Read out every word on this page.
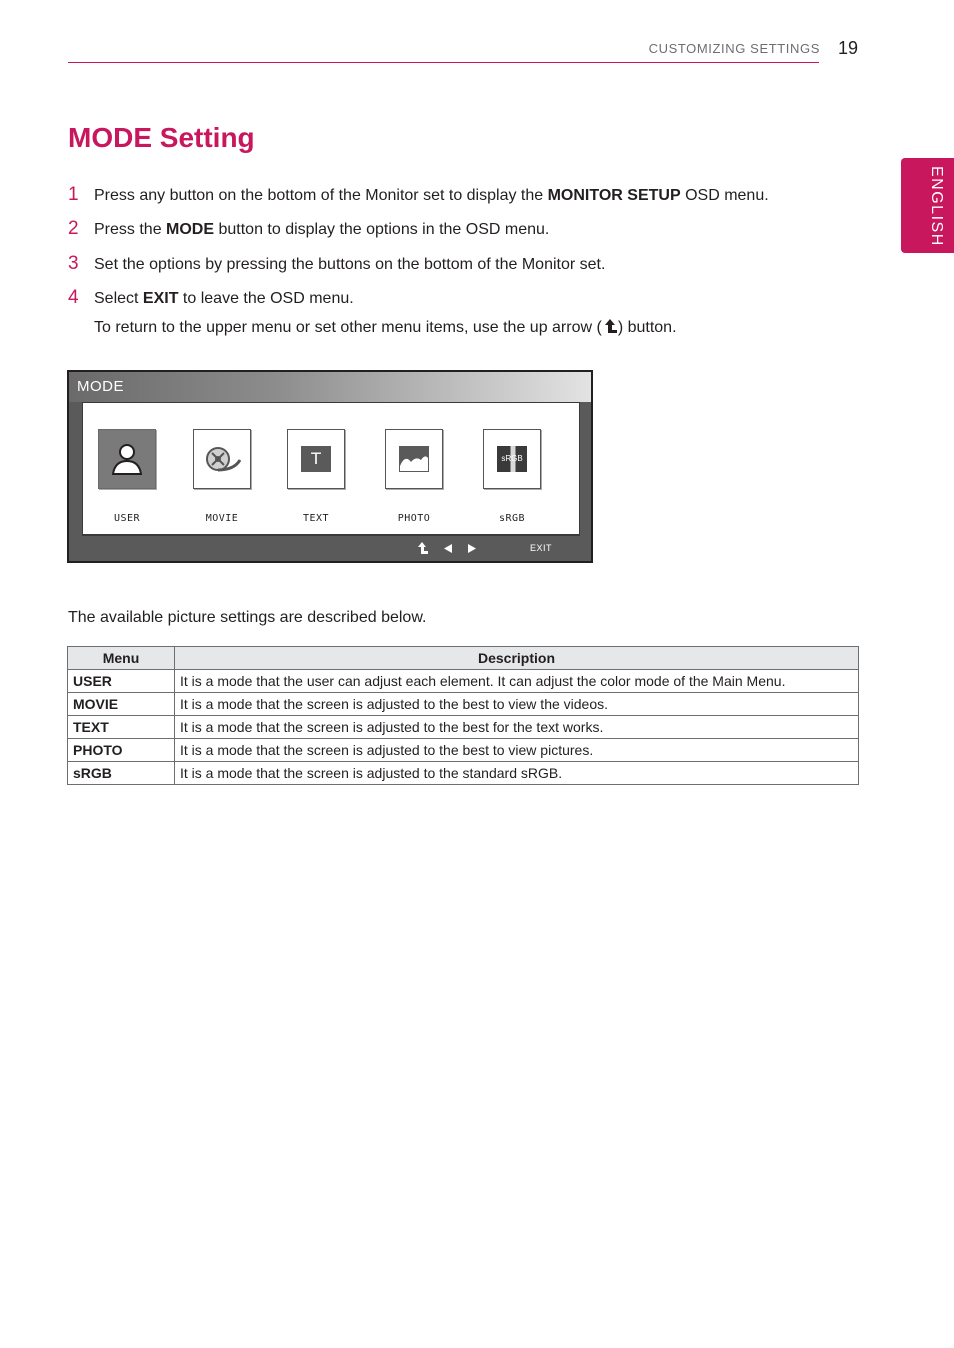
CUSTOMIZING SETTINGS 19
ENGLISH
MODE Setting
1 Press any button on the bottom of the Monitor set to display the MONITOR SETUP OSD menu.
2 Press the MODE button to display the options in the OSD menu.
3 Set the options by pressing the buttons on the bottom of the Monitor set.
4 Select EXIT to leave the OSD menu.
To return to the upper menu or set other menu items, use the up arrow ( ) button.
MODE
USER	MOVIE
T
TEXT	PHOTO
sRGB
sRGB
EXIT
The available picture settings are described below.
Menu	Description
USER	It is a mode that the user can adjust each element. It can adjust the color mode of the Main Menu.
MOVIE	It is a mode that the screen is adjusted to the best to view the videos.
TEXT	It is a mode that the screen is adjusted to the best for the text works.
PHOTO	It is a mode that the screen is adjusted to the best to view pictures.
sRGB	It is a mode that the screen is adjusted to the standard sRGB.
